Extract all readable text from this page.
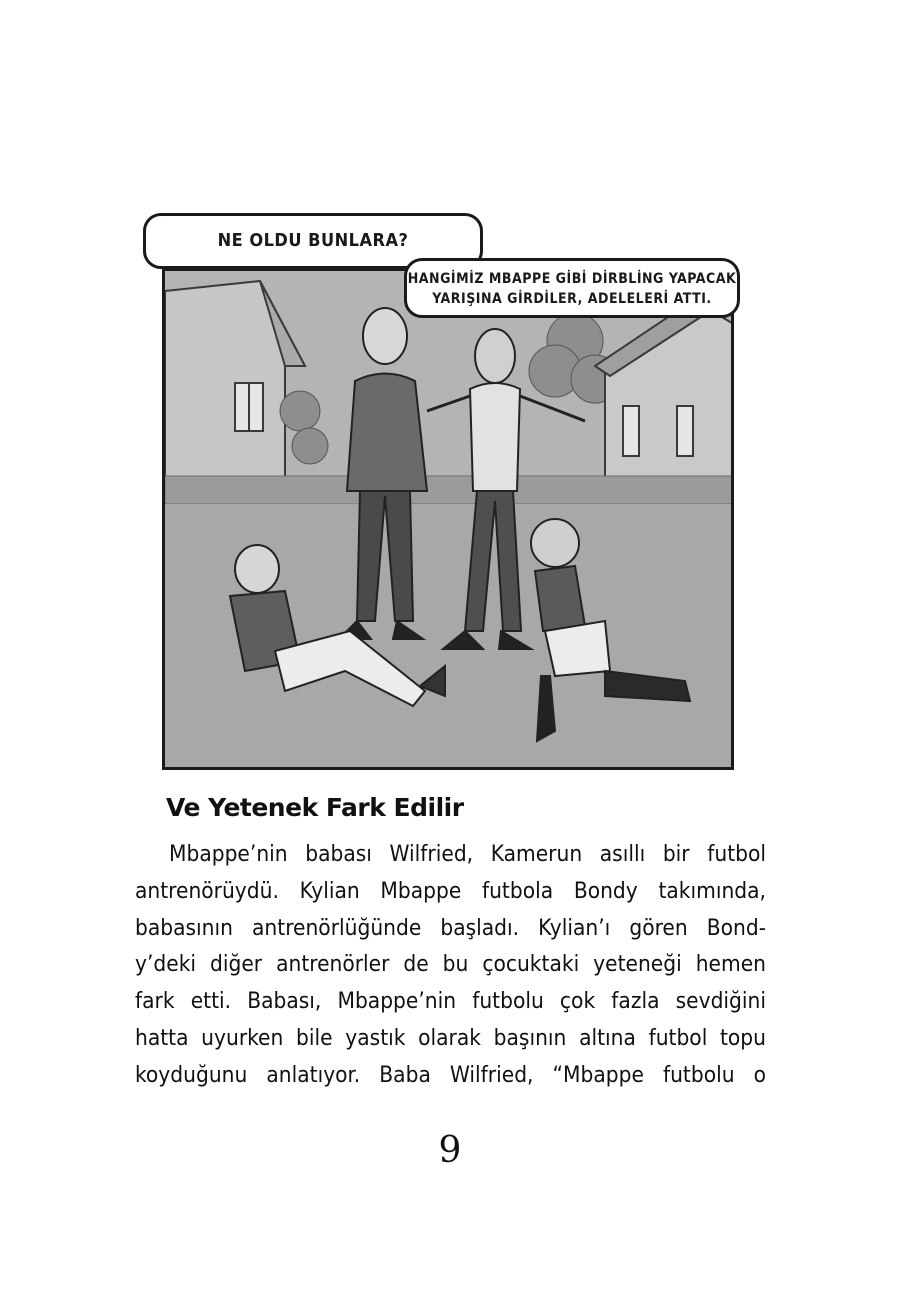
NE OLDU BUNLARA?
HANGİMİZ MBAPPE GİBİ DİRBLİNG YAPACAK
YARIŞINA GİRDİLER, ADELELERİ ATTI.
Ve Yetenek Fark Edilir

Mbappe’nin babası Wilfried, Kamerun asıllı bir futbol
antrenörüydü. Kylian Mbappe futbola Bondy takımında,
babasının antrenörlüğünde başladı. Kylian’ı gören Bond-
y’deki diğer antrenörler de bu çocuktaki yeteneği hemen
fark etti. Babası, Mbappe’nin futbolu çok fazla sevdiğini
hatta uyurken bile yastık olarak başının altına futbol topu
koyduğunu anlatıyor. Baba Wilfried, “Mbappe futbolu o

9
